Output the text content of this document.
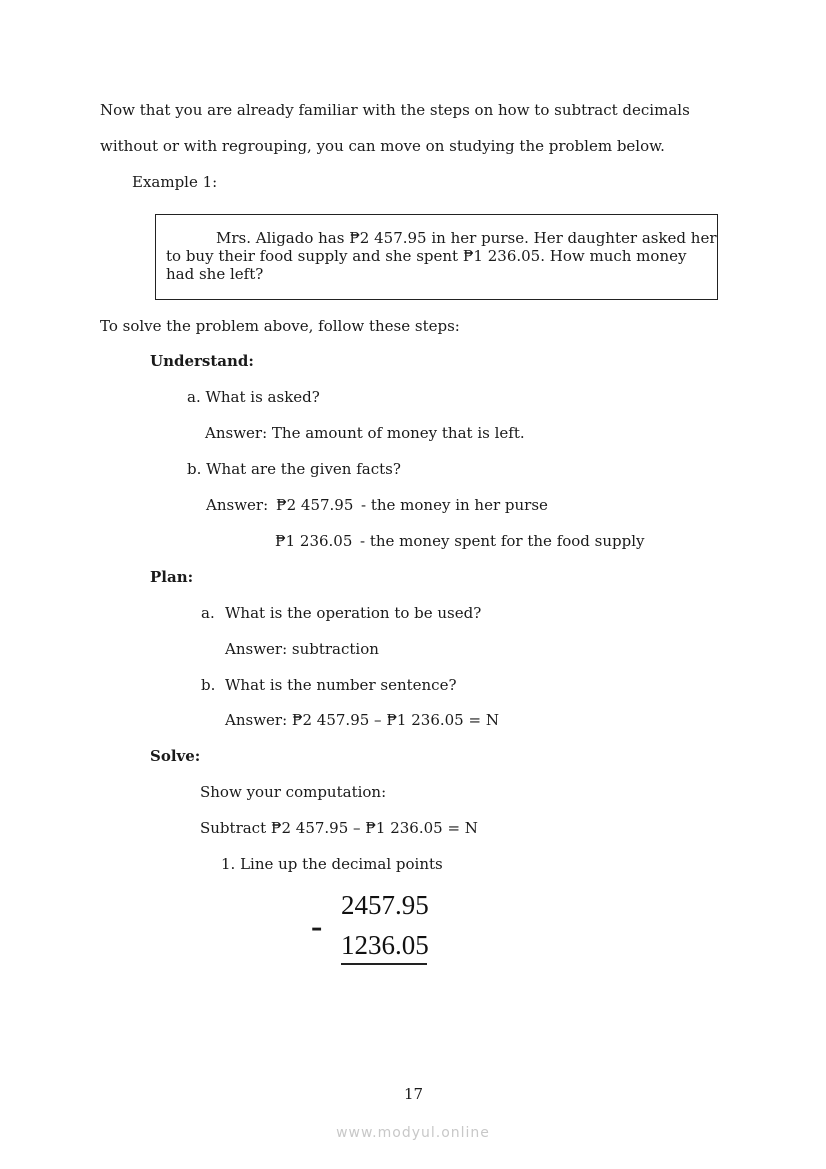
Now that you are already familiar with the steps on how to subtract decimals
without or with regrouping, you can move on studying the problem below.
Example 1:
Mrs. Aligado has ₱2 457.95 in her purse. Her daughter asked her
to buy their food supply and she spent ₱1 236.05. How much money
had she left?
To solve the problem above, follow these steps:
Understand:
a. What is asked?
Answer: The amount of money that is left.
b. What are the given facts?
Answer: ₱2 457.95 - the money in her purse
₱1 236.05 - the money spent for the food supply
Plan:
a. What is the operation to be used?
Answer: subtraction
b. What is the number sentence?
Answer: ₱2 457.95 – ₱1 236.05 = N
Solve:
Show your computation:
Subtract ₱2 457.95 – ₱1 236.05 = N
1. Line up the decimal points
2457.95
- 1236.05
17
www.modyul.online
